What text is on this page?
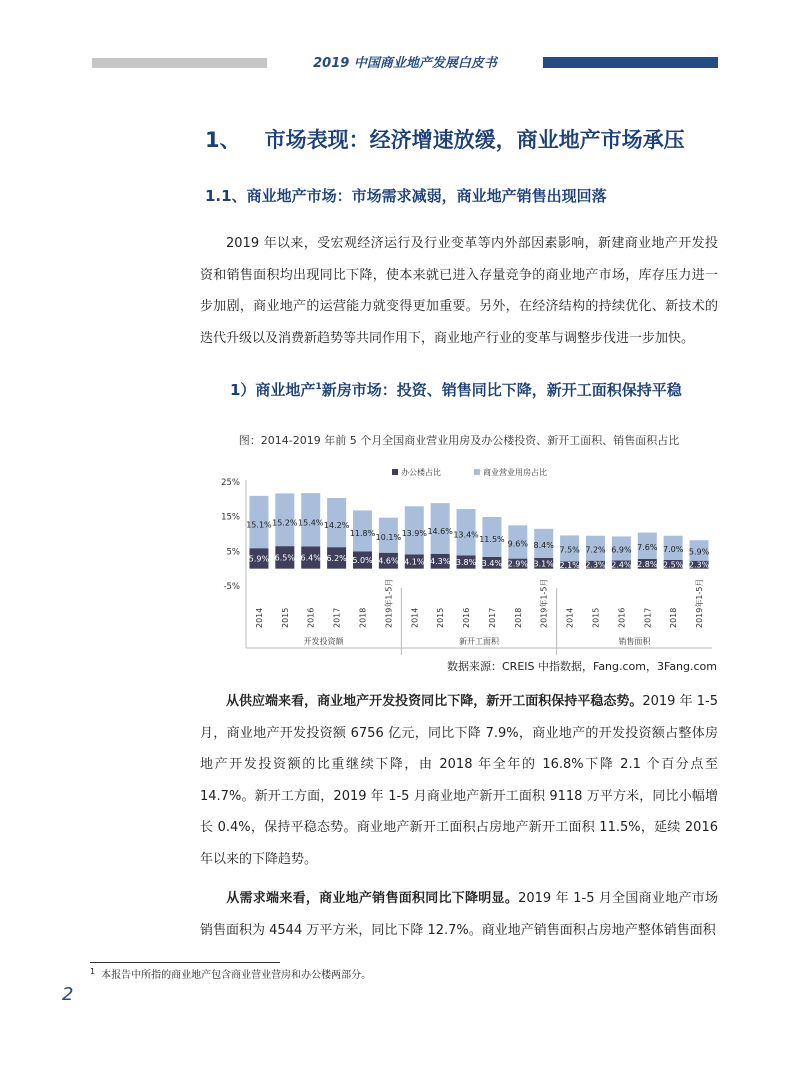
2019 中国商业地产发展白皮书
1、 市场表现：经济增速放缓，商业地产市场承压
1.1、商业地产市场：市场需求减弱，商业地产销售出现回落
2019 年以来，受宏观经济运行及行业变革等内外部因素影响，新建商业地产开发投资和销售面积均出现同比下降，使本来就已进入存量竞争的商业地产市场，库存压力进一步加剧，商业地产的运营能力就变得更加重要。另外，在经济结构的持续优化、新技术的迭代升级以及消费新趋势等共同作用下，商业地产行业的变革与调整步伐进一步加快。
1）商业地产$^1$新房市场：投资、销售同比下降，新开工面积保持平稳
图：2014-2019 年前 5 个月全国商业营业用房及办公楼投资、新开工面积、销售面积占比
办公楼占比	商业营业用房占比
25%
15%
5%
-5%
5.9%
15.1%
6.5%
15.2%
6.4%
15.4%
6.2%
14.2%
5.0%
11.8%
4.6%
10.1%
4.1%
13.9%
4.3%
14.6%
3.8%
13.4%
3.4%
11.5%
2.9%
9.6%
3.1%
8.4%
2.1%
7.5%
2.3%
7.2%
2.4%
6.9%
2.8%
7.6%
2.5%
7.0%
2.3%
5.9%
2014 2015 2016 2017 2018 2019年1-5月
开发投资额
2014 2015 2016 2017 2018 2019年1-5月
新开工面积
2014 2015 2016 2017 2018 2019年1-5月
销售面积
数据来源：CREIS 中指数据，Fang.com，3Fang.com
从供应端来看，商业地产开发投资同比下降，新开工面积保持平稳态势。2019 年 1-5 月，商业地产开发投资额 6756 亿元，同比下降 7.9%，商业地产的开发投资额占整体房地产开发投资额的比重继续下降，由 2018 年全年的 16.8%下降 2.1 个百分点至 14.7%。新开工方面，2019 年 1-5 月商业地产新开工面积 9118 万平方米，同比小幅增长 0.4%，保持平稳态势。商业地产新开工面积占房地产新开工面积 11.5%，延续 2016 年以来的下降趋势。
从需求端来看，商业地产销售面积同比下降明显。2019 年 1-5 月全国商业地产市场销售面积为 4544 万平方米，同比下降 12.7%。商业地产销售面积占房地产整体销售面积
$^1$ 本报告中所指的商业地产包含商业营业营房和办公楼两部分。
2
